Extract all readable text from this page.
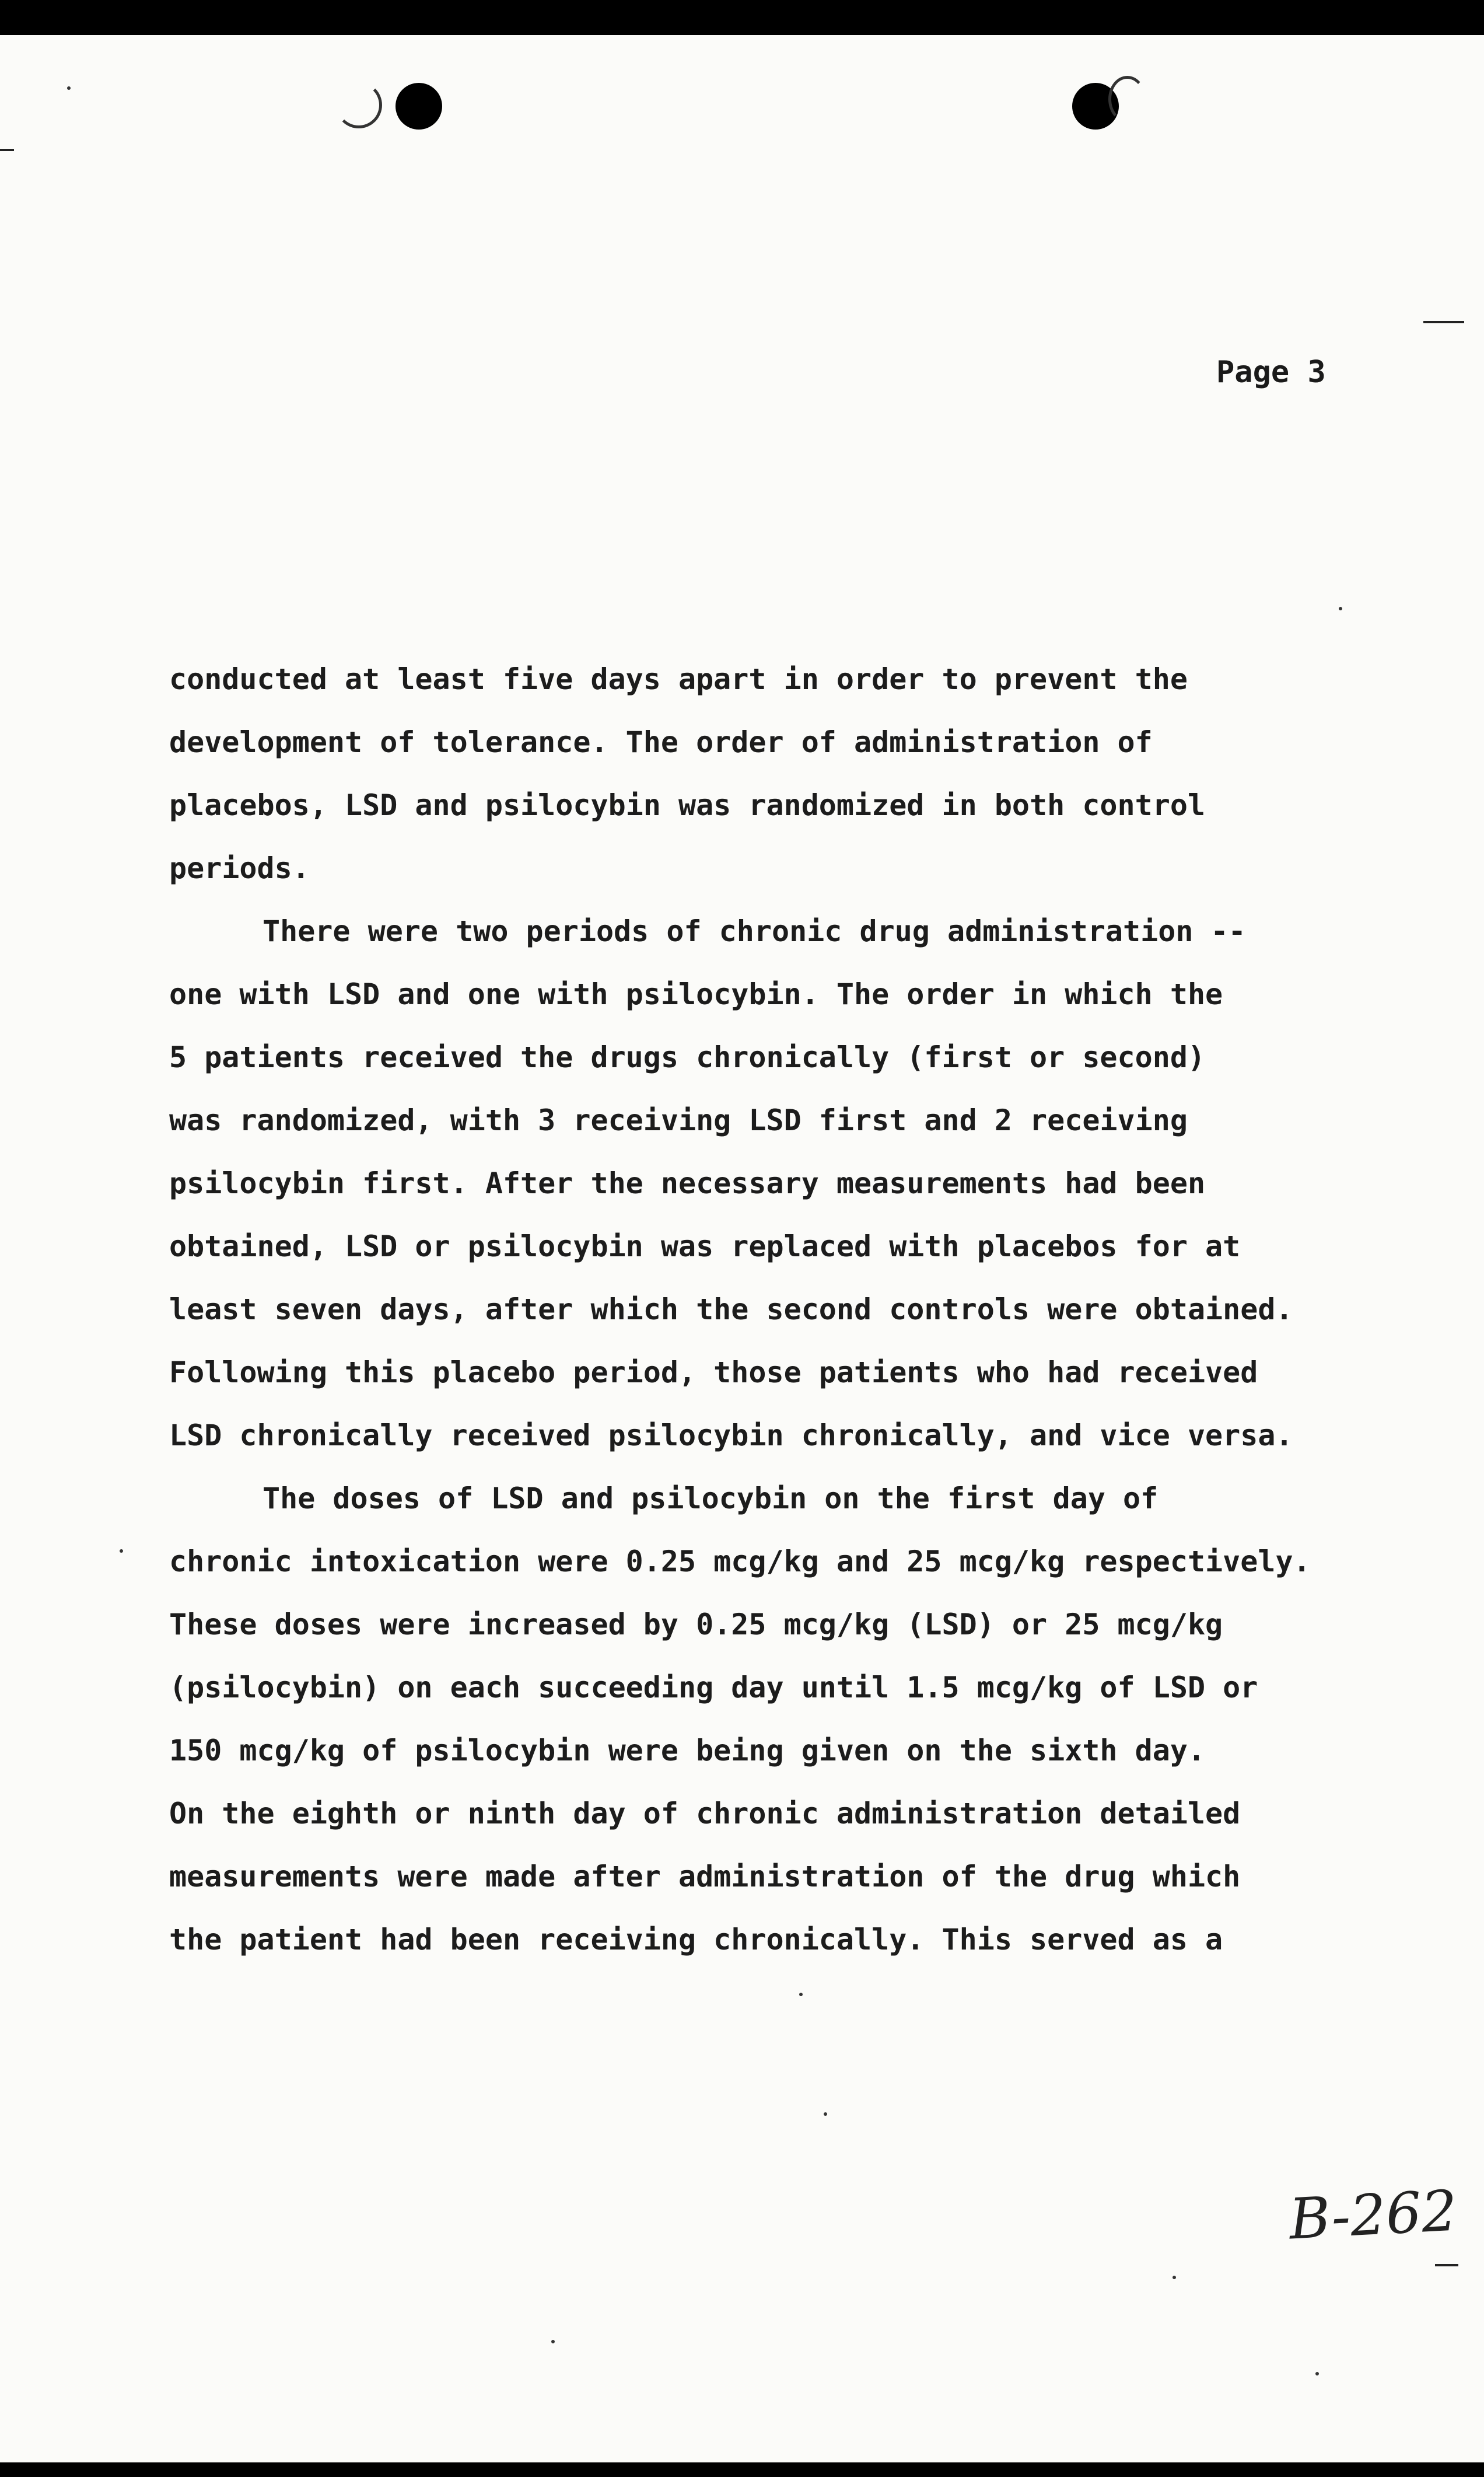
Page 3
conducted at least five days apart in order to prevent the
development of tolerance. The order of administration of
placebos, LSD and psilocybin was randomized in both control
periods.
There were two periods of chronic drug administration --
one with LSD and one with psilocybin. The order in which the
5 patients received the drugs chronically (first or second)
was randomized, with 3 receiving LSD first and 2 receiving
psilocybin first. After the necessary measurements had been
obtained, LSD or psilocybin was replaced with placebos for at
least seven days, after which the second controls were obtained.
Following this placebo period, those patients who had received
LSD chronically received psilocybin chronically, and vice versa.
The doses of LSD and psilocybin on the first day of
chronic intoxication were 0.25 mcg/kg and 25 mcg/kg respectively.
These doses were increased by 0.25 mcg/kg (LSD) or 25 mcg/kg
(psilocybin) on each succeeding day until 1.5 mcg/kg of LSD or
150 mcg/kg of psilocybin were being given on the sixth day.
On the eighth or ninth day of chronic administration detailed
measurements were made after administration of the drug which
the patient had been receiving chronically. This served as a
B-262
